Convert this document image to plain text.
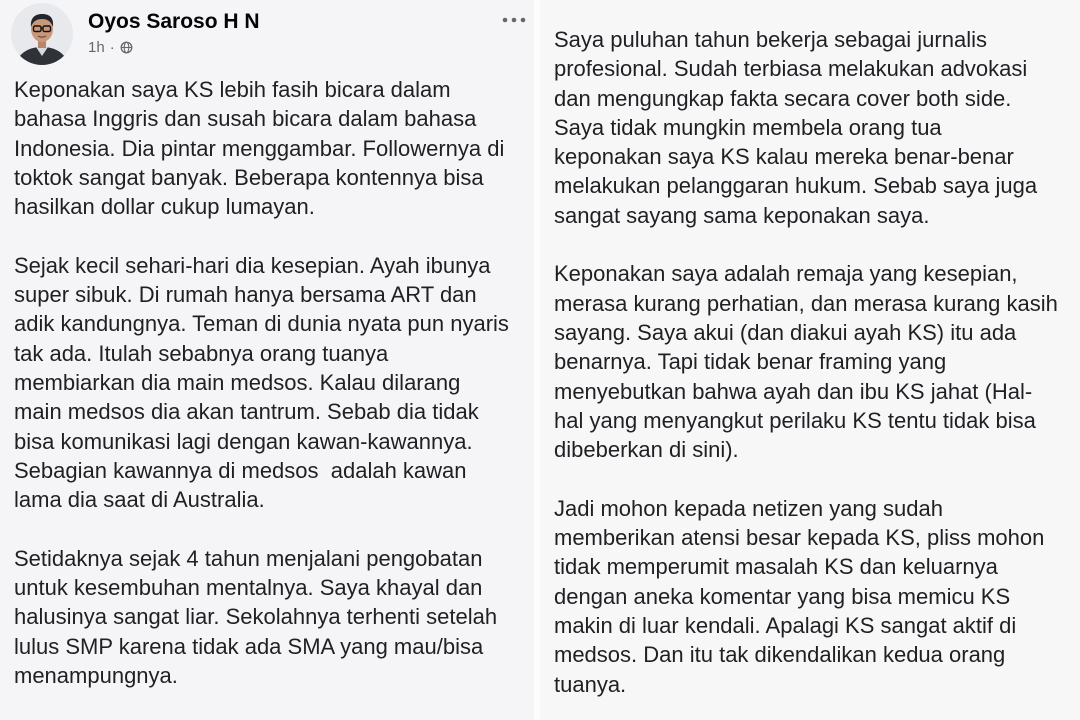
Oyos Saroso H N
1h ·
Keponakan saya KS lebih fasih bicara dalam
bahasa Inggris dan susah bicara dalam bahasa
Indonesia. Dia pintar menggambar. Followernya di
toktok sangat banyak. Beberapa kontennya bisa
hasilkan dollar cukup lumayan.
Sejak kecil sehari-hari dia kesepian. Ayah ibunya
super sibuk. Di rumah hanya bersama ART dan
adik kandungnya. Teman di dunia nyata pun nyaris
tak ada. Itulah sebabnya orang tuanya
membiarkan dia main medsos. Kalau dilarang
main medsos dia akan tantrum. Sebab dia tidak
bisa komunikasi lagi dengan kawan-kawannya.
Sebagian kawannya di medsos  adalah kawan
lama dia saat di Australia.
Setidaknya sejak 4 tahun menjalani pengobatan
untuk kesembuhan mentalnya. Saya khayal dan
halusinya sangat liar. Sekolahnya terhenti setelah
lulus SMP karena tidak ada SMA yang mau/bisa
menampungnya.
Saya puluhan tahun bekerja sebagai jurnalis
profesional. Sudah terbiasa melakukan advokasi
dan mengungkap fakta secara cover both side.
Saya tidak mungkin membela orang tua
keponakan saya KS kalau mereka benar-benar
melakukan pelanggaran hukum. Sebab saya juga
sangat sayang sama keponakan saya.
Keponakan saya adalah remaja yang kesepian,
merasa kurang perhatian, dan merasa kurang kasih
sayang. Saya akui (dan diakui ayah KS) itu ada
benarnya. Tapi tidak benar framing yang
menyebutkan bahwa ayah dan ibu KS jahat (Hal-
hal yang menyangkut perilaku KS tentu tidak bisa
dibeberkan di sini).
Jadi mohon kepada netizen yang sudah
memberikan atensi besar kepada KS, pliss mohon
tidak memperumit masalah KS dan keluarnya
dengan aneka komentar yang bisa memicu KS
makin di luar kendali. Apalagi KS sangat aktif di
medsos. Dan itu tak dikendalikan kedua orang
tuanya.
